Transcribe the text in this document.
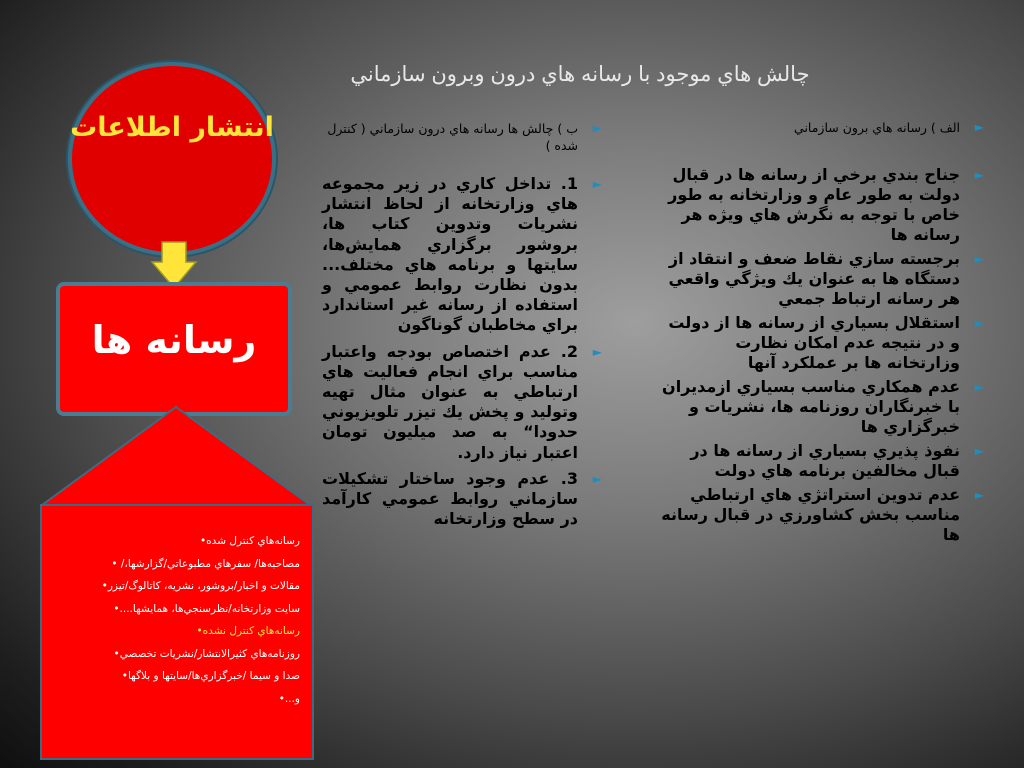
چالش هاي موجود با رسانه هاي درون وبرون سازماني
انتشار اطلاعات
رسانه ها
رسانه‌هاي کنترل شده•
مصاحبه‌ها/ سفرهاي مطبوعاتي/گزارشها،/ •
مقالات و اخبار/بروشور، نشريه، کاتالوگ/تيزر•
سايت وزارتخانه/نظرسنجي‌ها، همايشها....•
رسانه‌هاي کنترل نشده•
روزنامه‌هاي کثيرالانتشار/نشريات تخصصي•
صدا و سيما /خبرگزاري‌ها/سايتها و بلاگها•
و...•
►
الف ) رسانه هاي برون سازماني
►
جناح بندي برخي از رسانه ها در قبال دولت به طور عام و وزارتخانه به طور خاص با توجه به نگرش هاي ويژه هر رسانه ها
►
برجسته سازي نقاط ضعف و انتقاد از دستگاه ها به عنوان يك ويژگي واقعي هر رسانه ارتباط جمعي
►
استقلال بسياري از رسانه ها از دولت و در نتيجه عدم امكان نظارت وزارتخانه ها بر عملكرد آنها
►
عدم همكاري مناسب بسياري ازمديران با خبرنگاران روزنامه ها، نشريات و خبرگزاري ها
►
نفوذ پذيري بسياري از رسانه ها در قبال مخالفين برنامه هاي دولت
►
عدم تدوين استراتژي هاي ارتباطي مناسب بخش كشاورزي در قبال رسانه ها
►
ب ) چالش ها رسانه هاي درون سازماني ( كنترل شده )
►
1. تداخل كاري در زير مجموعه هاي وزارتخانه از لحاظ انتشار نشريات وتدوين كتاب ها، بروشور برگزاري همايش‌ها، سايتها و برنامه هاي مختلف... بدون نظارت روابط عمومي و استفاده از رسانه غير استاندارد براي مخاطبان گوناگون
►
2. عدم اختصاص بودجه واعتبار مناسب براي انجام فعاليت هاي ارتباطي به عنوان مثال تهيه وتوليد و پخش يك تيزر تلويزيوني حدودا“ به صد ميليون تومان اعتبار نياز دارد.
►
3. عدم وجود ساختار تشكيلات سازماني روابط عمومي كارآمد در سطح وزارتخانه
